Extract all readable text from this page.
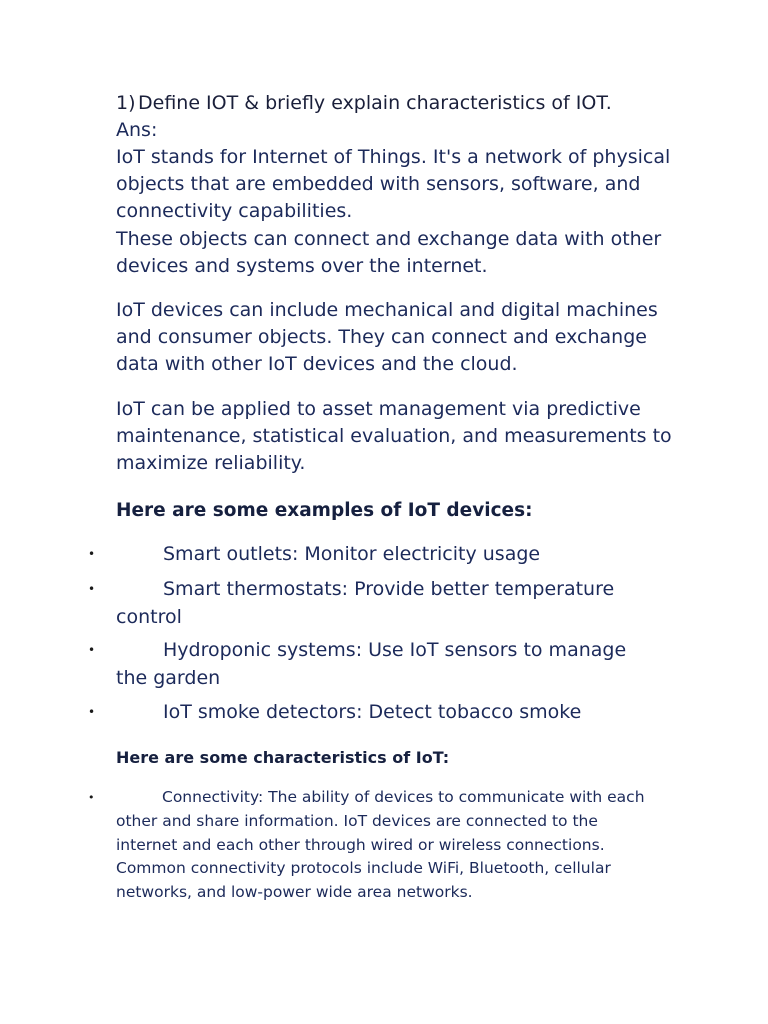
1) Define IOT & briefly explain characteristics of IOT.

Ans:

IoT stands for Internet of Things. It's a network of physical objects that are embedded with sensors, software, and connectivity capabilities.
These objects can connect and exchange data with other devices and systems over the internet.

IoT devices can include mechanical and digital machines and consumer objects. They can connect and exchange data with other IoT devices and the cloud.

IoT can be applied to asset management via predictive maintenance, statistical evaluation, and measurements to maximize reliability.

Here are some examples of IoT devices:

•	Smart outlets: Monitor electricity usage

•	Smart thermostats: Provide better temperature control

•	Hydroponic systems: Use IoT sensors to manage the garden

•	IoT smoke detectors: Detect tobacco smoke

Here are some characteristics of IoT:

•	Connectivity: The ability of devices to communicate with each other and share information. IoT devices are connected to the internet and each other through wired or wireless connections. Common connectivity protocols include WiFi, Bluetooth, cellular networks, and low-power wide area networks.
